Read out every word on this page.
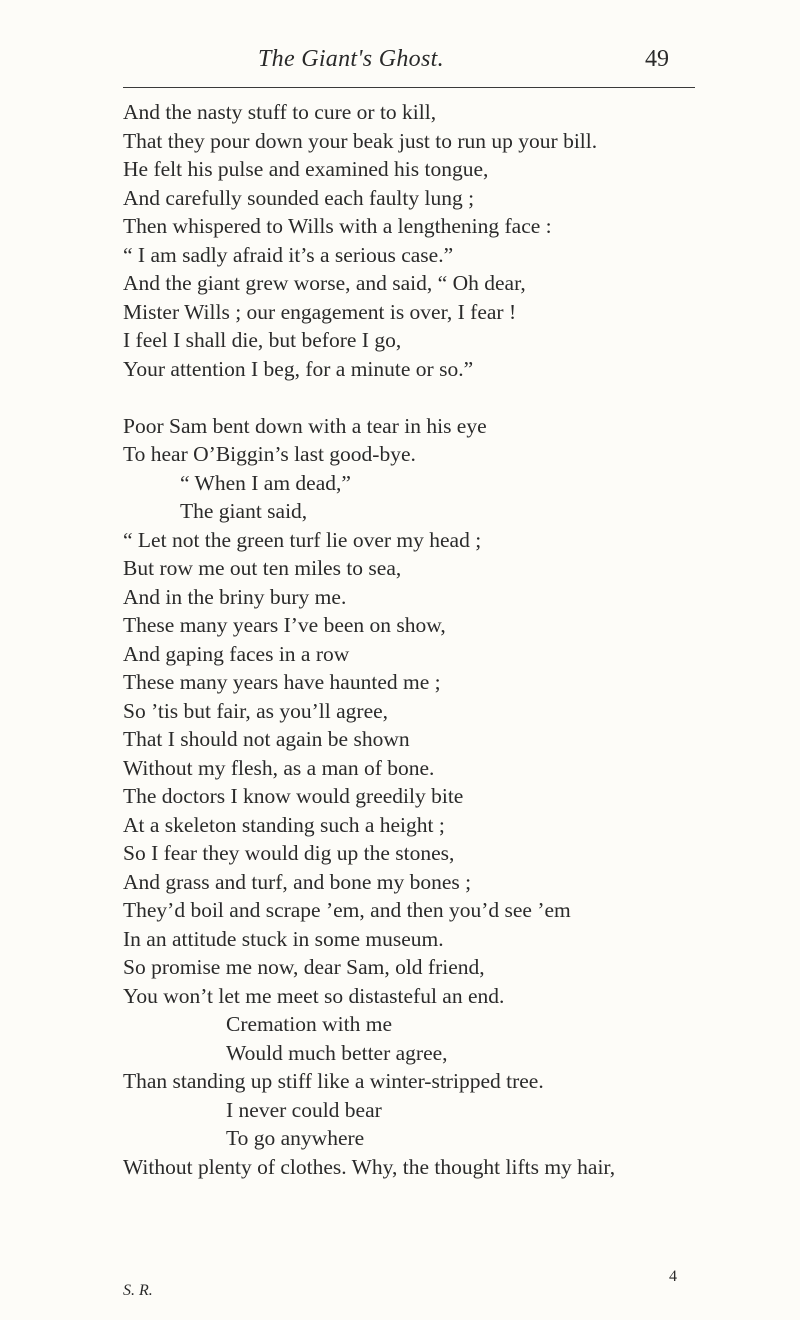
The Giant's Ghost.	49
And the nasty stuff to cure or to kill,
That they pour down your beak just to run up your bill.
He felt his pulse and examined his tongue,
And carefully sounded each faulty lung ;
Then whispered to Wills with a lengthening face :
“ I am sadly afraid it’s a serious case.”
And the giant grew worse, and said, “ Oh dear,
Mister Wills ; our engagement is over, I fear !
I feel I shall die, but before I go,
Your attention I beg, for a minute or so.”
Poor Sam bent down with a tear in his eye
To hear O’Biggin’s last good-bye.
“ When I am dead,”
The giant said,
“ Let not the green turf lie over my head ;
But row me out ten miles to sea,
And in the briny bury me.
These many years I’ve been on show,
And gaping faces in a row
These many years have haunted me ;
So ’tis but fair, as you’ll agree,
That I should not again be shown
Without my flesh, as a man of bone.
The doctors I know would greedily bite
At a skeleton standing such a height ;
So I fear they would dig up the stones,
And grass and turf, and bone my bones ;
They’d boil and scrape ’em, and then you’d see ’em
In an attitude stuck in some museum.
So promise me now, dear Sam, old friend,
You won’t let me meet so distasteful an end.
Cremation with me
Would much better agree,
Than standing up stiff like a winter-stripped tree.
I never could bear
To go anywhere
Without plenty of clothes. Why, the thought lifts my hair,
S. R.
4
